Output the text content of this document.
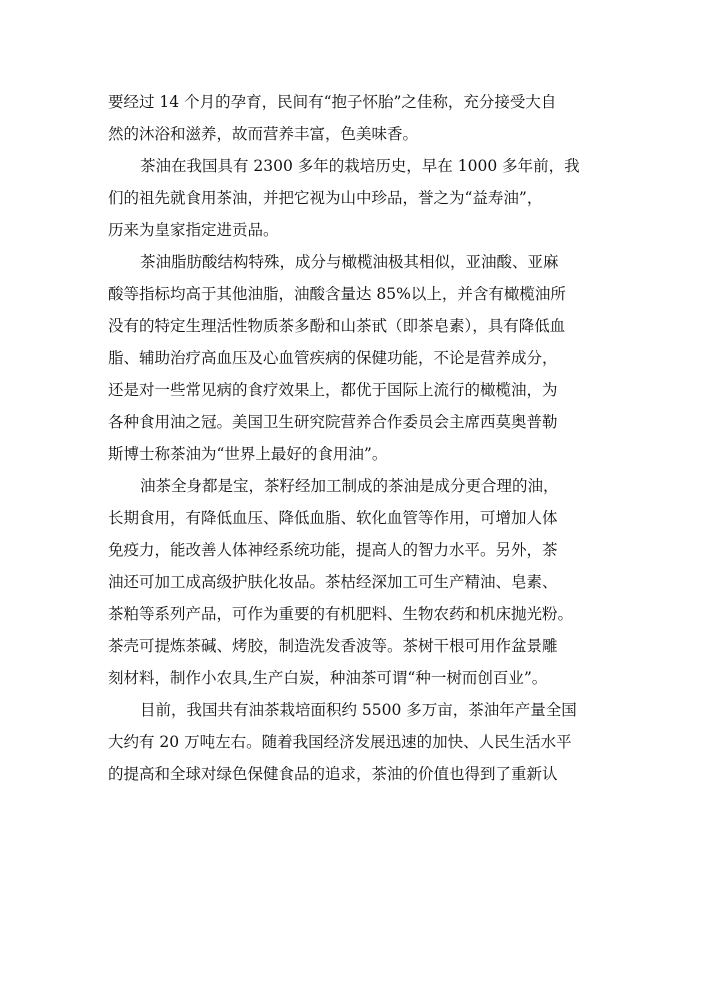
要经过 14 个月的孕育，民间有“抱子怀胎”之佳称，充分接受大自
然的沐浴和滋养，故而营养丰富，色美味香。
茶油在我国具有 2300 多年的栽培历史，早在 1000 多年前，我
们的祖先就食用茶油，并把它视为山中珍品，誉之为“益寿油”，
历来为皇家指定进贡品。
茶油脂肪酸结构特殊，成分与橄榄油极其相似，亚油酸、亚麻
酸等指标均高于其他油脂，油酸含量达 85%以上，并含有橄榄油所
没有的特定生理活性物质茶多酚和山茶甙（即茶皂素），具有降低血
脂、辅助治疗高血压及心血管疾病的保健功能，不论是营养成分，
还是对一些常见病的食疗效果上，都优于国际上流行的橄榄油，为
各种食用油之冠。美国卫生研究院营养合作委员会主席西莫奥普勒
斯博士称茶油为“世界上最好的食用油”。
油茶全身都是宝，茶籽经加工制成的茶油是成分更合理的油，
长期食用，有降低血压、降低血脂、软化血管等作用，可增加人体
免疫力，能改善人体神经系统功能，提高人的智力水平。另外，茶
油还可加工成高级护肤化妆品。茶枯经深加工可生产精油、皂素、
茶粕等系列产品，可作为重要的有机肥料、生物农药和机床抛光粉。
茶壳可提炼茶碱、烤胶，制造洗发香波等。茶树干根可用作盆景雕
刻材料，制作小农具,生产白炭，种油茶可谓“种一树而创百业”。
目前，我国共有油茶栽培面积约 5500 多万亩，茶油年产量全国
大约有 20 万吨左右。随着我国经济发展迅速的加快、人民生活水平
的提高和全球对绿色保健食品的追求，茶油的价值也得到了重新认
